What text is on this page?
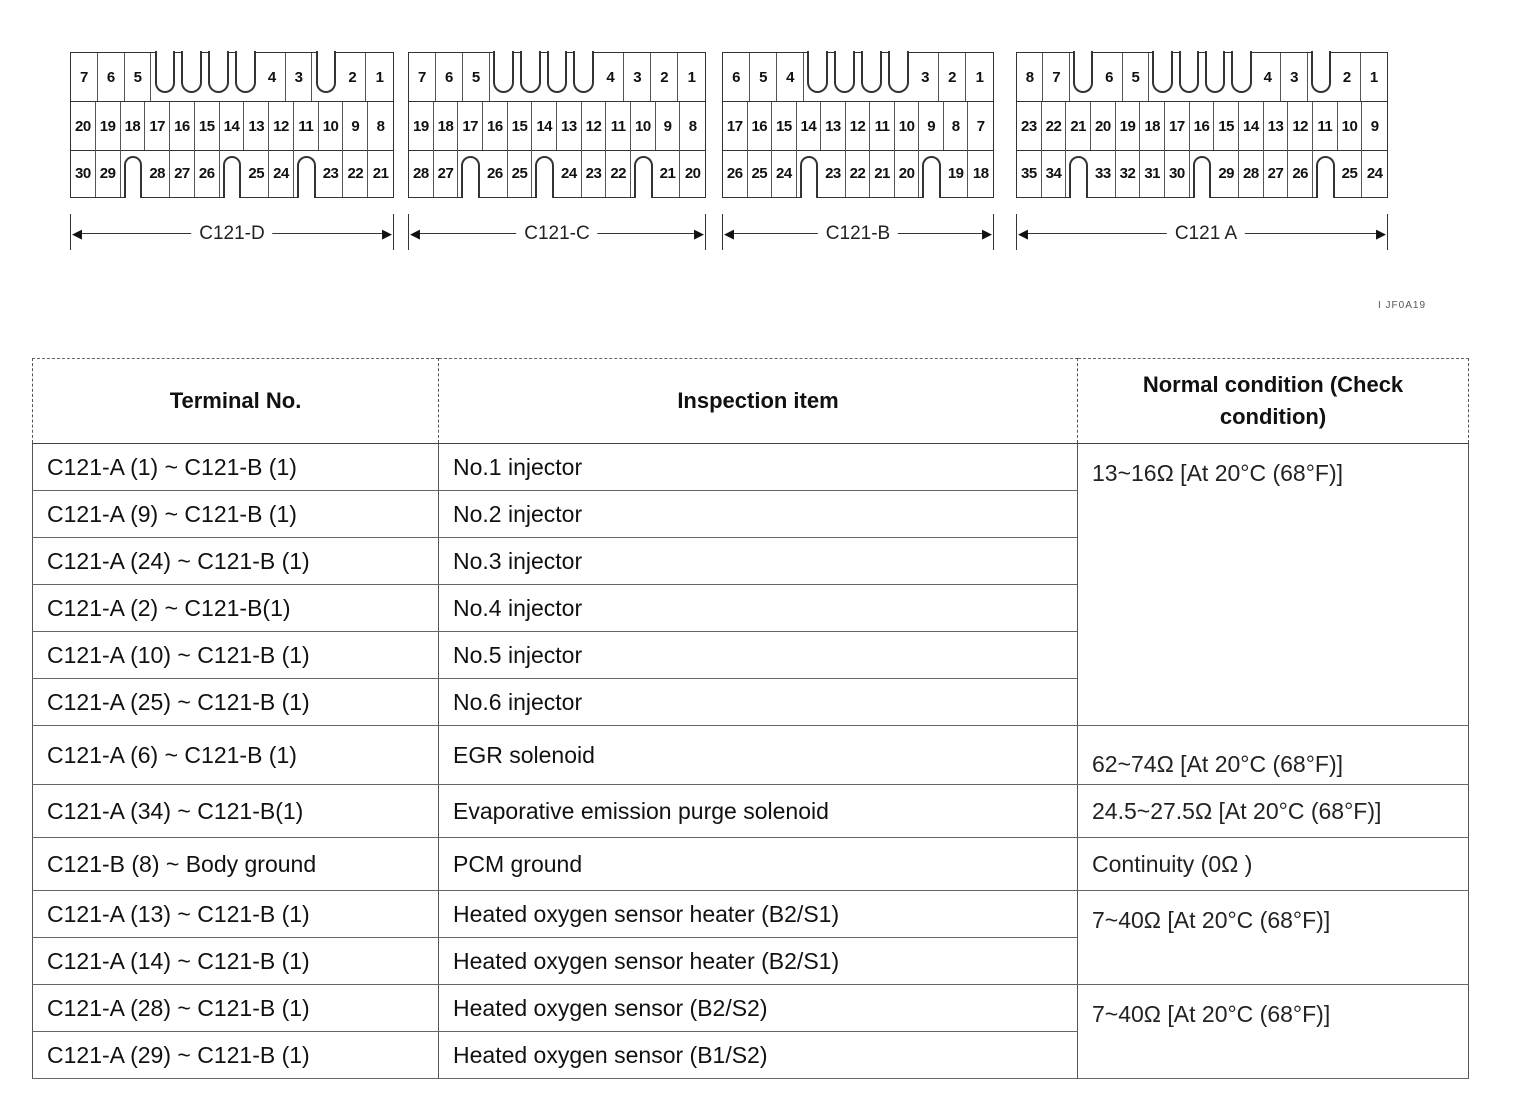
7	6	5	4	3	2	1
20 19 18 17 16 15 14 13 12 11 10 9	8
30 29	28 27 26	25 24	23 22 21
7	6	5	4	3	2	1
19 18 17 16 15 14 13 12 11 10 9	8
28 27	26 25	24 23 22	21 20
6	5	4	3	2	1
17 16 15 14 13 12 11 10 9	8	7
26 25 24	23 22 21 20	19 18
8	7	6	5	4	3	2	1
23 22 21 20 19 18 17 16 15 14 13 12 11 10 9
35 34	33 32 31 30	29 28 27 26	25 24
◀	▶
C121-D	◀	▶
C121-C	◀	▶
C121-B	◀	▶
C121 A
I JF0A19
Terminal No.	Inspection item	Normal condition (Check
condition)
C121-A (1) ~ C121-B (1)	No.1 injector	13~16Ω [At 20°C (68°F)]
C121-A (9) ~ C121-B (1)	No.2 injector	
C121-A (24) ~ C121-B (1)	No.3 injector	
C121-A (2) ~ C121-B(1)	No.4 injector	
C121-A (10) ~ C121-B (1)	No.5 injector	
C121-A (25) ~ C121-B (1)	No.6 injector	
C121-A (6) ~ C121-B (1)	EGR solenoid	62~74Ω [At 20°C (68°F)]
C121-A (34) ~ C121-B(1)	Evaporative emission purge solenoid	24.5~27.5Ω [At 20°C (68°F)]
C121-B (8) ~ Body ground	PCM ground	Continuity (0Ω )
C121-A (13) ~ C121-B (1)	Heated oxygen sensor heater (B2/S1)	7~40Ω [At 20°C (68°F)]
C121-A (14) ~ C121-B (1)	Heated oxygen sensor heater (B2/S1)	
C121-A (28) ~ C121-B (1)	Heated oxygen sensor (B2/S2)	7~40Ω [At 20°C (68°F)]
C121-A (29) ~ C121-B (1)	Heated oxygen sensor (B1/S2)	
